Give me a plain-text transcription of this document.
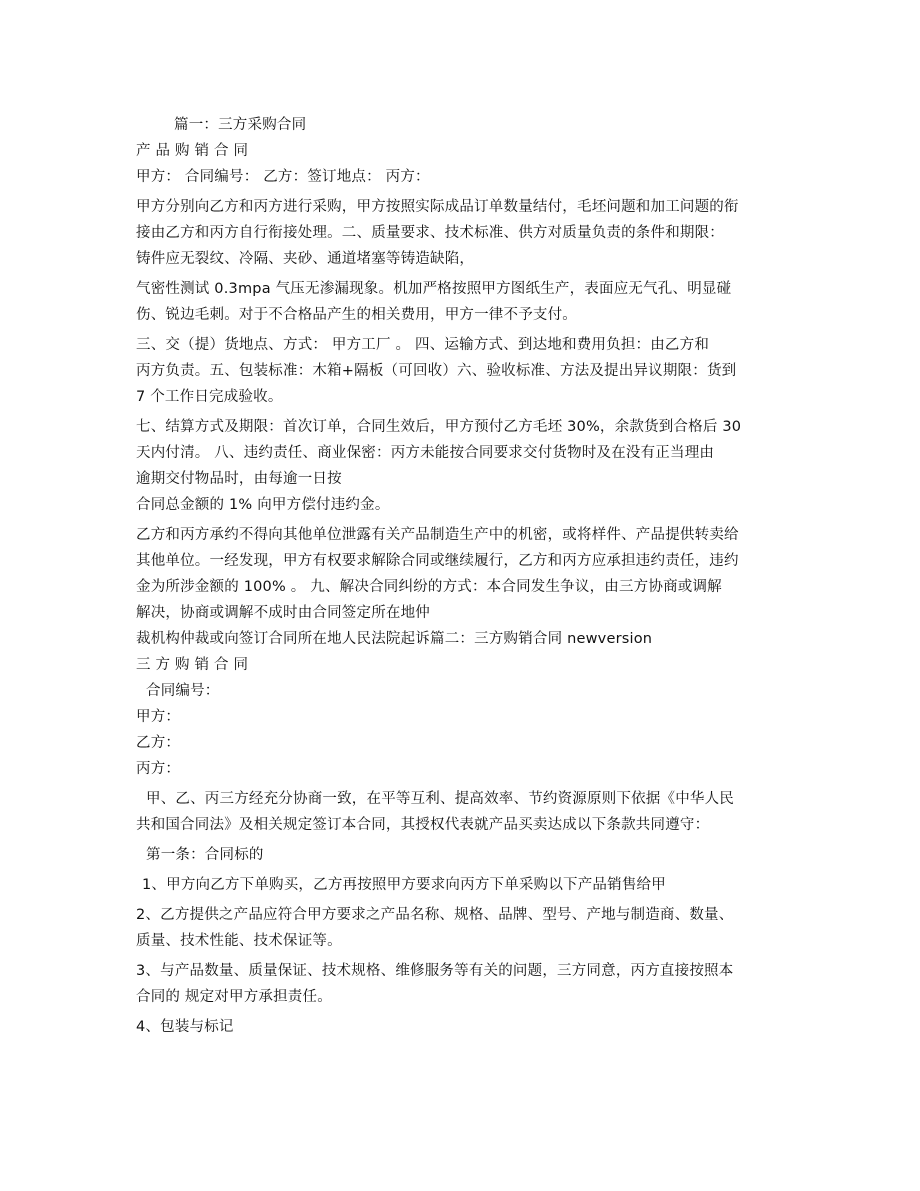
篇一：三方采购合同
产 品 购 销 合 同
甲方： 合同编号： 乙方：签订地点： 丙方：
甲方分别向乙方和丙方进行采购，甲方按照实际成品订单数量结付，毛坯问题和加工问题的衔
接由乙方和丙方自行衔接处理。二、质量要求、技术标准、供方对质量负责的条件和期限：
铸件应无裂纹、冷隔、夹砂、通道堵塞等铸造缺陷，
气密性测试 0.3mpa 气压无渗漏现象。机加严格按照甲方图纸生产，表面应无气孔、明显碰
伤、锐边毛刺。对于不合格品产生的相关费用，甲方一律不予支付。
三、交（提）货地点、方式： 甲方工厂 。 四、运输方式、到达地和费用负担：由乙方和
丙方负责。五、包装标准：木箱+隔板（可回收）六、验收标准、方法及提出异议期限：货到
7 个工作日完成验收。
七、结算方式及期限：首次订单，合同生效后，甲方预付乙方毛坯 30%，余款货到合格后 30
天内付清。 八、违约责任、商业保密：丙方未能按合同要求交付货物时及在没有正当理由
逾期交付物品时，由每逾一日按
合同总金额的 1% 向甲方偿付违约金。
乙方和丙方承约不得向其他单位泄露有关产品制造生产中的机密，或将样件、产品提供转卖给
其他单位。一经发现，甲方有权要求解除合同或继续履行，乙方和丙方应承担违约责任，违约
金为所涉金额的 100% 。 九、解决合同纠纷的方式：本合同发生争议，由三方协商或调解
解决，协商或调解不成时由合同签定所在地仲
裁机构仲裁或向签订合同所在地人民法院起诉篇二：三方购销合同 newversion
三 方 购 销 合 同
合同编号：
甲方：
乙方：
丙方：
甲、乙、丙三方经充分协商一致，在平等互利、提高效率、节约资源原则下依据《中华人民
共和国合同法》及相关规定签订本合同，其授权代表就产品买卖达成以下条款共同遵守：
第一条：合同标的
1、甲方向乙方下单购买，乙方再按照甲方要求向丙方下单采购以下产品销售给甲
2、乙方提供之产品应符合甲方要求之产品名称、规格、品牌、型号、产地与制造商、数量、
质量、技术性能、技术保证等。
3、与产品数量、质量保证、技术规格、维修服务等有关的问题，三方同意，丙方直接按照本
合同的 规定对甲方承担责任。
4、包装与标记
